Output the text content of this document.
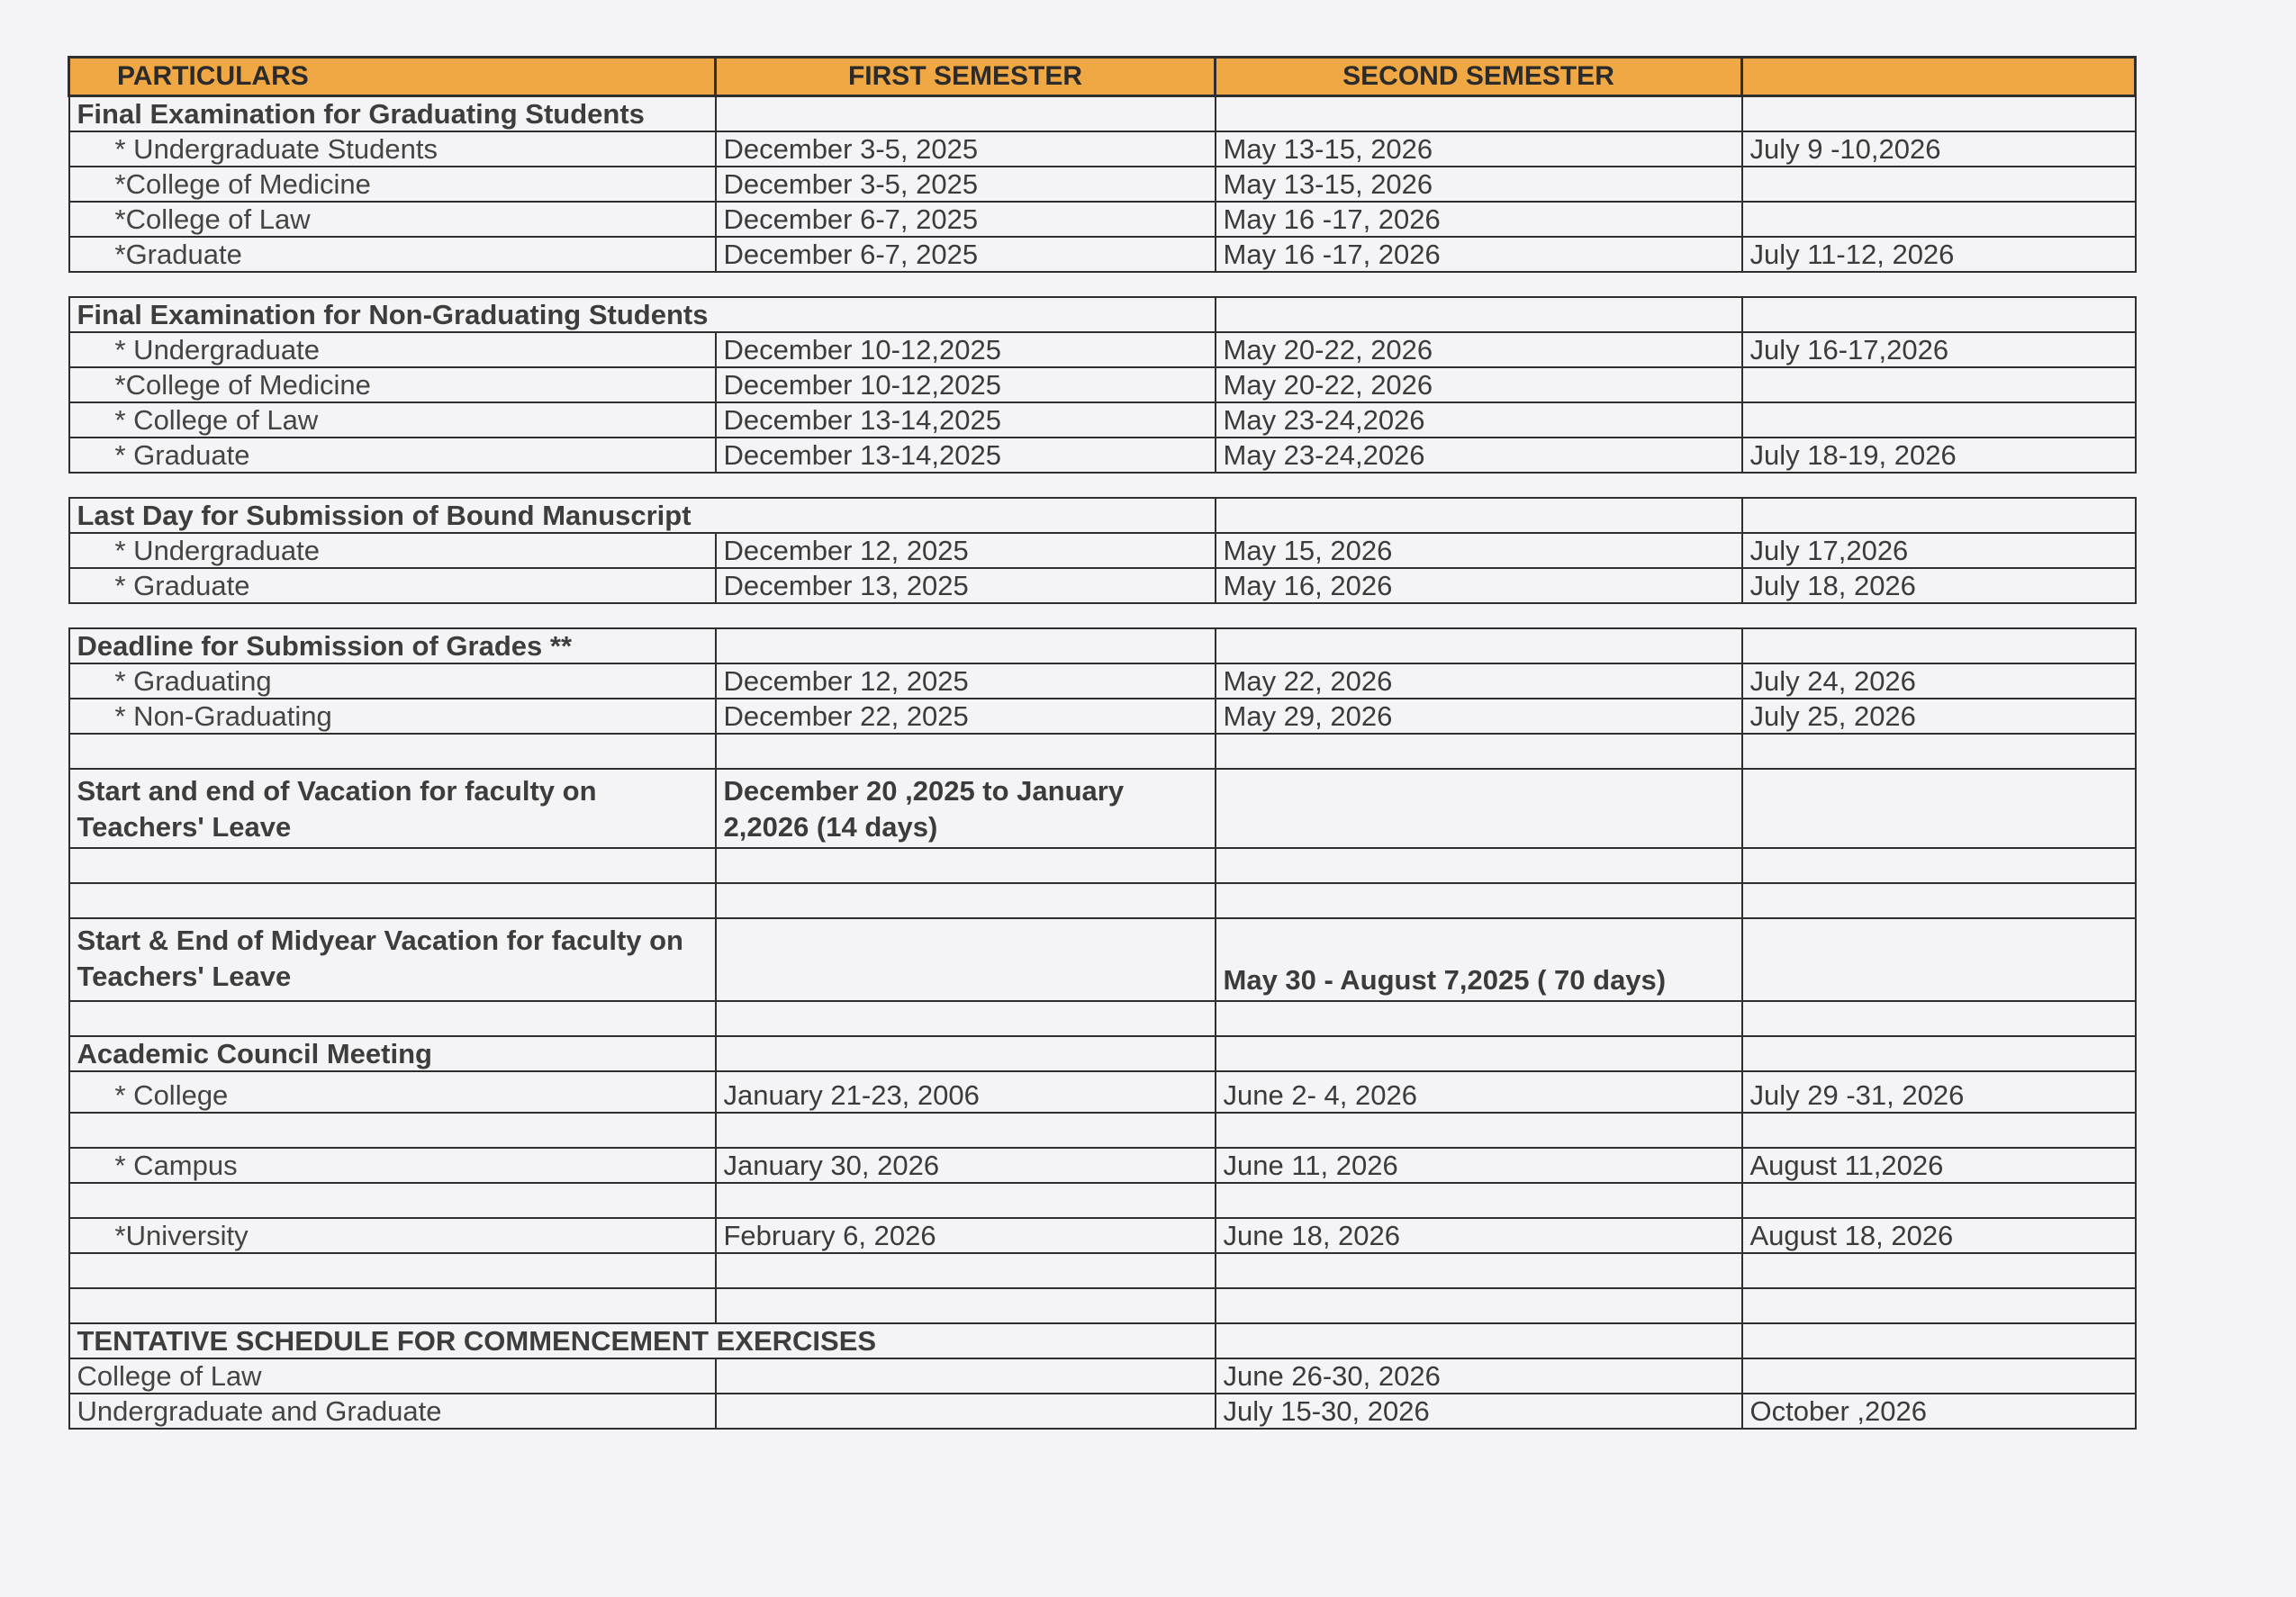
PARTICULARS	FIRST SEMESTER	SECOND SEMESTER	
Final Examination for Graduating Students			
* Undergraduate Students	December 3-5, 2025	May 13-15, 2026	July 9 -10,2026
*College of Medicine	December 3-5, 2025	May 13-15, 2026	
*College of Law	December 6-7, 2025	May 16 -17, 2026	
*Graduate	December 6-7, 2025	May 16 -17, 2026	July 11-12, 2026

Final Examination for Non-Graduating Students			
* Undergraduate	December 10-12,2025	May 20-22, 2026	July 16-17,2026
*College of Medicine	December 10-12,2025	May 20-22, 2026	
* College of Law	December 13-14,2025	May 23-24,2026	
* Graduate	December 13-14,2025	May 23-24,2026	July 18-19, 2026

Last Day for Submission of Bound Manuscript			
* Undergraduate	December 12, 2025	May 15, 2026	July 17,2026
* Graduate	December 13, 2025	May 16, 2026	July 18, 2026

Deadline for Submission of Grades **			
* Graduating	December 12, 2025	May 22, 2026	July 24, 2026
* Non-Graduating	December 22, 2025	May 29, 2026	July 25, 2026

Start and end of Vacation for faculty on Teachers' Leave	December 20 ,2025 to January 2,2026 (14 days)		

Start & End of Midyear Vacation for faculty on Teachers' Leave		May 30 - August 7,2025 ( 70 days)	

Academic Council Meeting			
* College	January 21-23, 2006	June 2- 4, 2026	July 29 -31, 2026

* Campus	January 30, 2026	June 11, 2026	August 11,2026

*University	February 6, 2026	June 18, 2026	August 18, 2026

TENTATIVE SCHEDULE FOR COMMENCEMENT EXERCISES			
College of Law		June 26-30, 2026	
Undergraduate and Graduate		July 15-30, 2026	October ,2026
